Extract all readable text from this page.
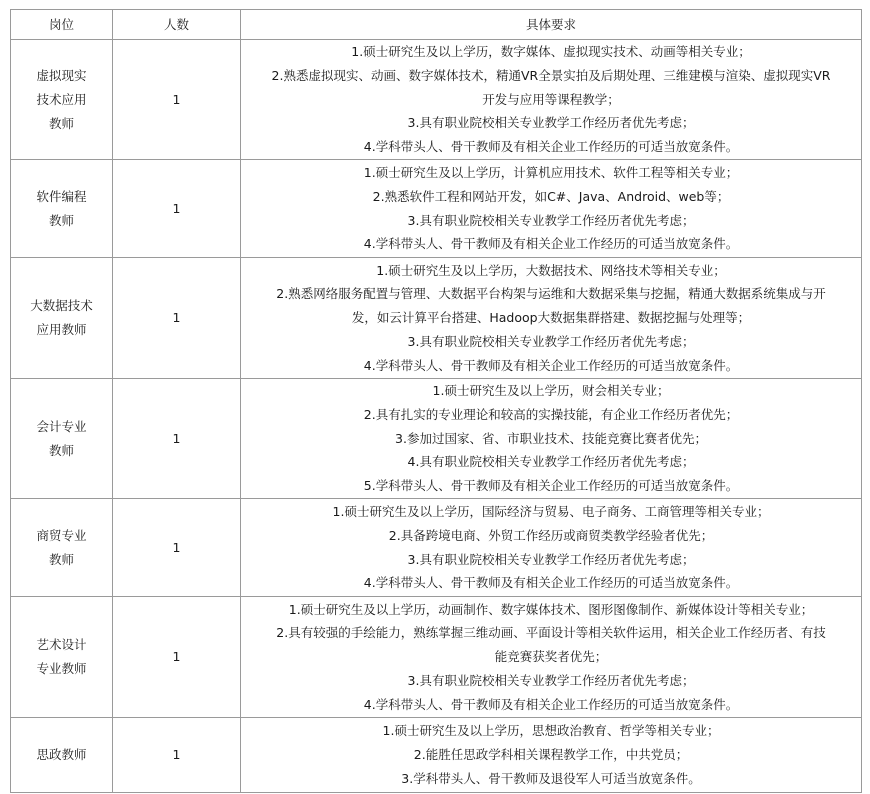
岗位	人数	具体要求

虚拟现实
技术应用
教师	1	1.硕士研究生及以上学历，数字媒体、虚拟现实技术、动画等相关专业；
2.熟悉虚拟现实、动画、数字媒体技术，精通VR全景实拍及后期处理、三维建模与渲染、虚拟现实VR
开发与应用等课程教学；
3.具有职业院校相关专业教学工作经历者优先考虑；
4.学科带头人、骨干教师及有相关企业工作经历的可适当放宽条件。

软件编程
教师	1	1.硕士研究生及以上学历，计算机应用技术、软件工程等相关专业；
2.熟悉软件工程和网站开发，如C#、Java、Android、web等；
3.具有职业院校相关专业教学工作经历者优先考虑；
4.学科带头人、骨干教师及有相关企业工作经历的可适当放宽条件。

大数据技术
应用教师	1	1.硕士研究生及以上学历，大数据技术、网络技术等相关专业；
2.熟悉网络服务配置与管理、大数据平台构架与运维和大数据采集与挖掘，精通大数据系统集成与开
发，如云计算平台搭建、Hadoop大数据集群搭建、数据挖掘与处理等；
3.具有职业院校相关专业教学工作经历者优先考虑；
4.学科带头人、骨干教师及有相关企业工作经历的可适当放宽条件。

会计专业
教师	1	1.硕士研究生及以上学历，财会相关专业；
2.具有扎实的专业理论和较高的实操技能，有企业工作经历者优先；
3.参加过国家、省、市职业技术、技能竞赛比赛者优先；
4.具有职业院校相关专业教学工作经历者优先考虑；
5.学科带头人、骨干教师及有相关企业工作经历的可适当放宽条件。

商贸专业
教师	1	1.硕士研究生及以上学历，国际经济与贸易、电子商务、工商管理等相关专业；
2.具备跨境电商、外贸工作经历或商贸类教学经验者优先；
3.具有职业院校相关专业教学工作经历者优先考虑；
4.学科带头人、骨干教师及有相关企业工作经历的可适当放宽条件。

艺术设计
专业教师	1	1.硕士研究生及以上学历，动画制作、数字媒体技术、图形图像制作、新媒体设计等相关专业；
2.具有较强的手绘能力，熟练掌握三维动画、平面设计等相关软件运用，相关企业工作经历者、有技
能竞赛获奖者优先；
3.具有职业院校相关专业教学工作经历者优先考虑；
4.学科带头人、骨干教师及有相关企业工作经历的可适当放宽条件。

思政教师	1	1.硕士研究生及以上学历，思想政治教育、哲学等相关专业；
2.能胜任思政学科相关课程教学工作，中共党员；
3.学科带头人、骨干教师及退役军人可适当放宽条件。
